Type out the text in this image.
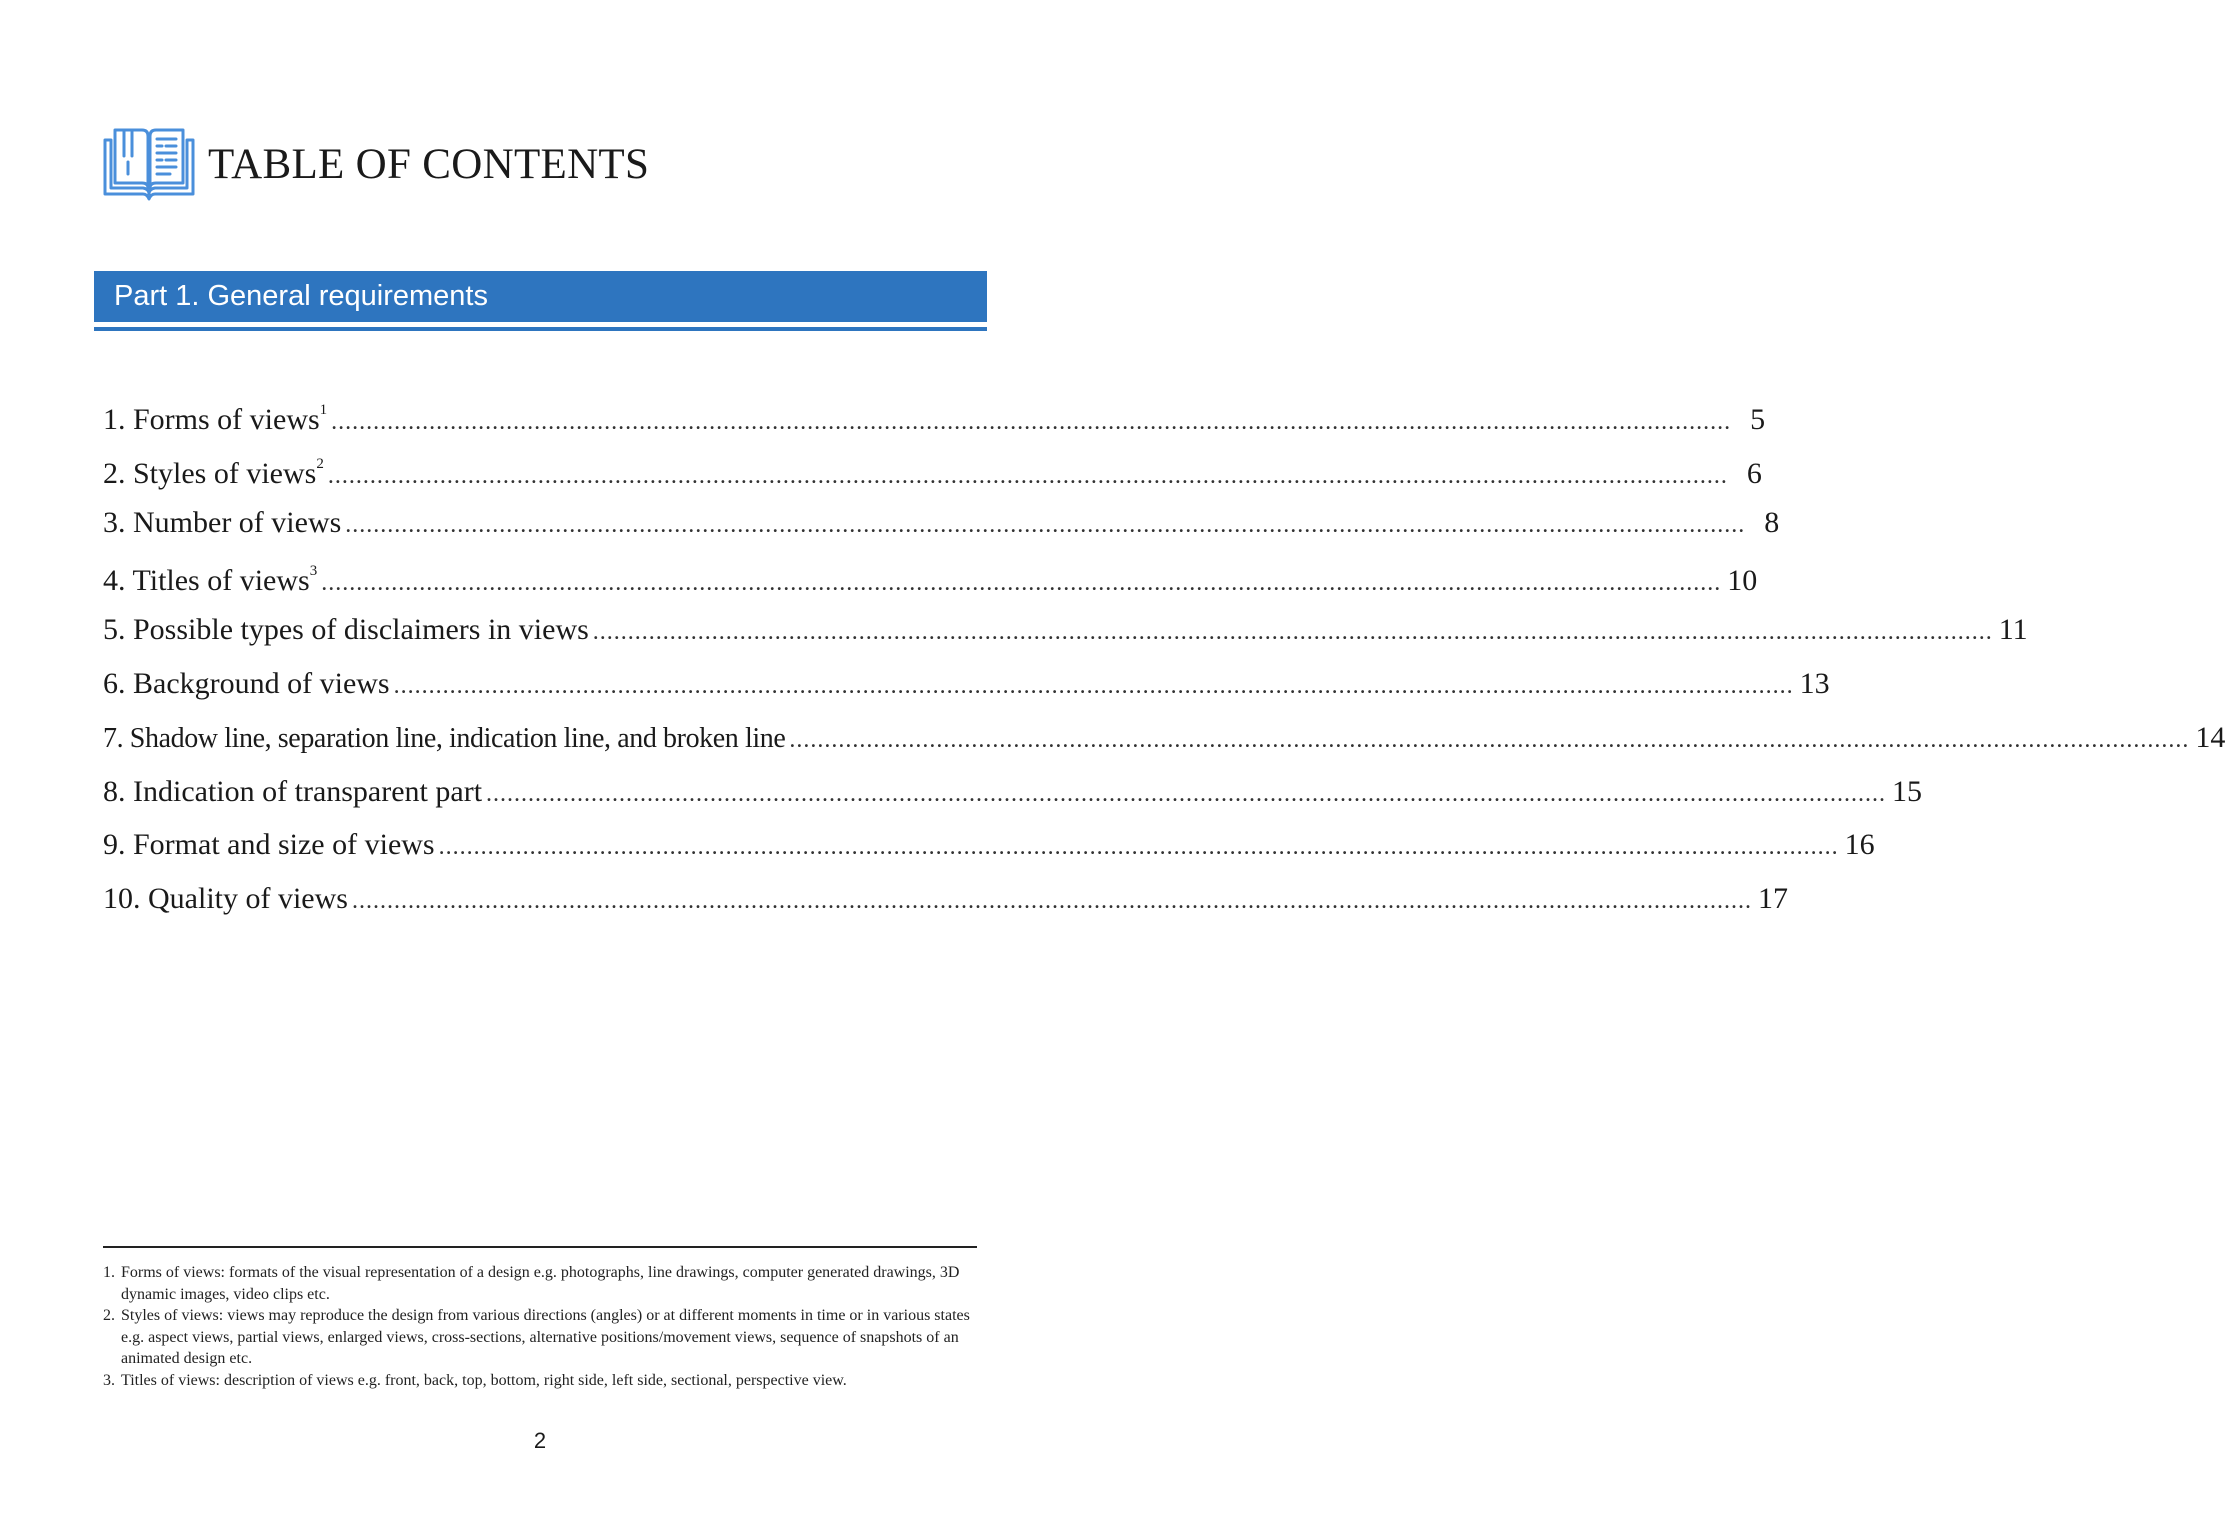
TABLE OF CONTENTS
Part 1. General requirements
1. Forms of views$^1$ ........................................................................................................................................................................................................ 5
2. Styles of views$^2$ ........................................................................................................................................................................................................ 6
3. Number of views ........................................................................................................................................................................................................ 8
4. Titles of views$^3$ ........................................................................................................................................................................................................ 10
5. Possible types of disclaimers in views ........................................................................................................................................................................................................ 11
6. Background of views ........................................................................................................................................................................................................ 13
7. Shadow line, separation line, indication line, and broken line ........................................................................................................................................................................................................ 14
8. Indication of transparent part ........................................................................................................................................................................................................ 15
9. Format and size of views ........................................................................................................................................................................................................ 16
10. Quality of views ........................................................................................................................................................................................................ 17
1. Forms of views: formats of the visual representation of a design e.g. photographs, line drawings, computer generated drawings, 3D dynamic images, video clips etc.
2. Styles of views: views may reproduce the design from various directions (angles) or at different moments in time or in various states e.g. aspect views, partial views, enlarged views, cross-sections, alternative positions/movement views, sequence of snapshots of an animated design etc.
3. Titles of views: description of views e.g. front, back, top, bottom, right side, left side, sectional, perspective view.
2
